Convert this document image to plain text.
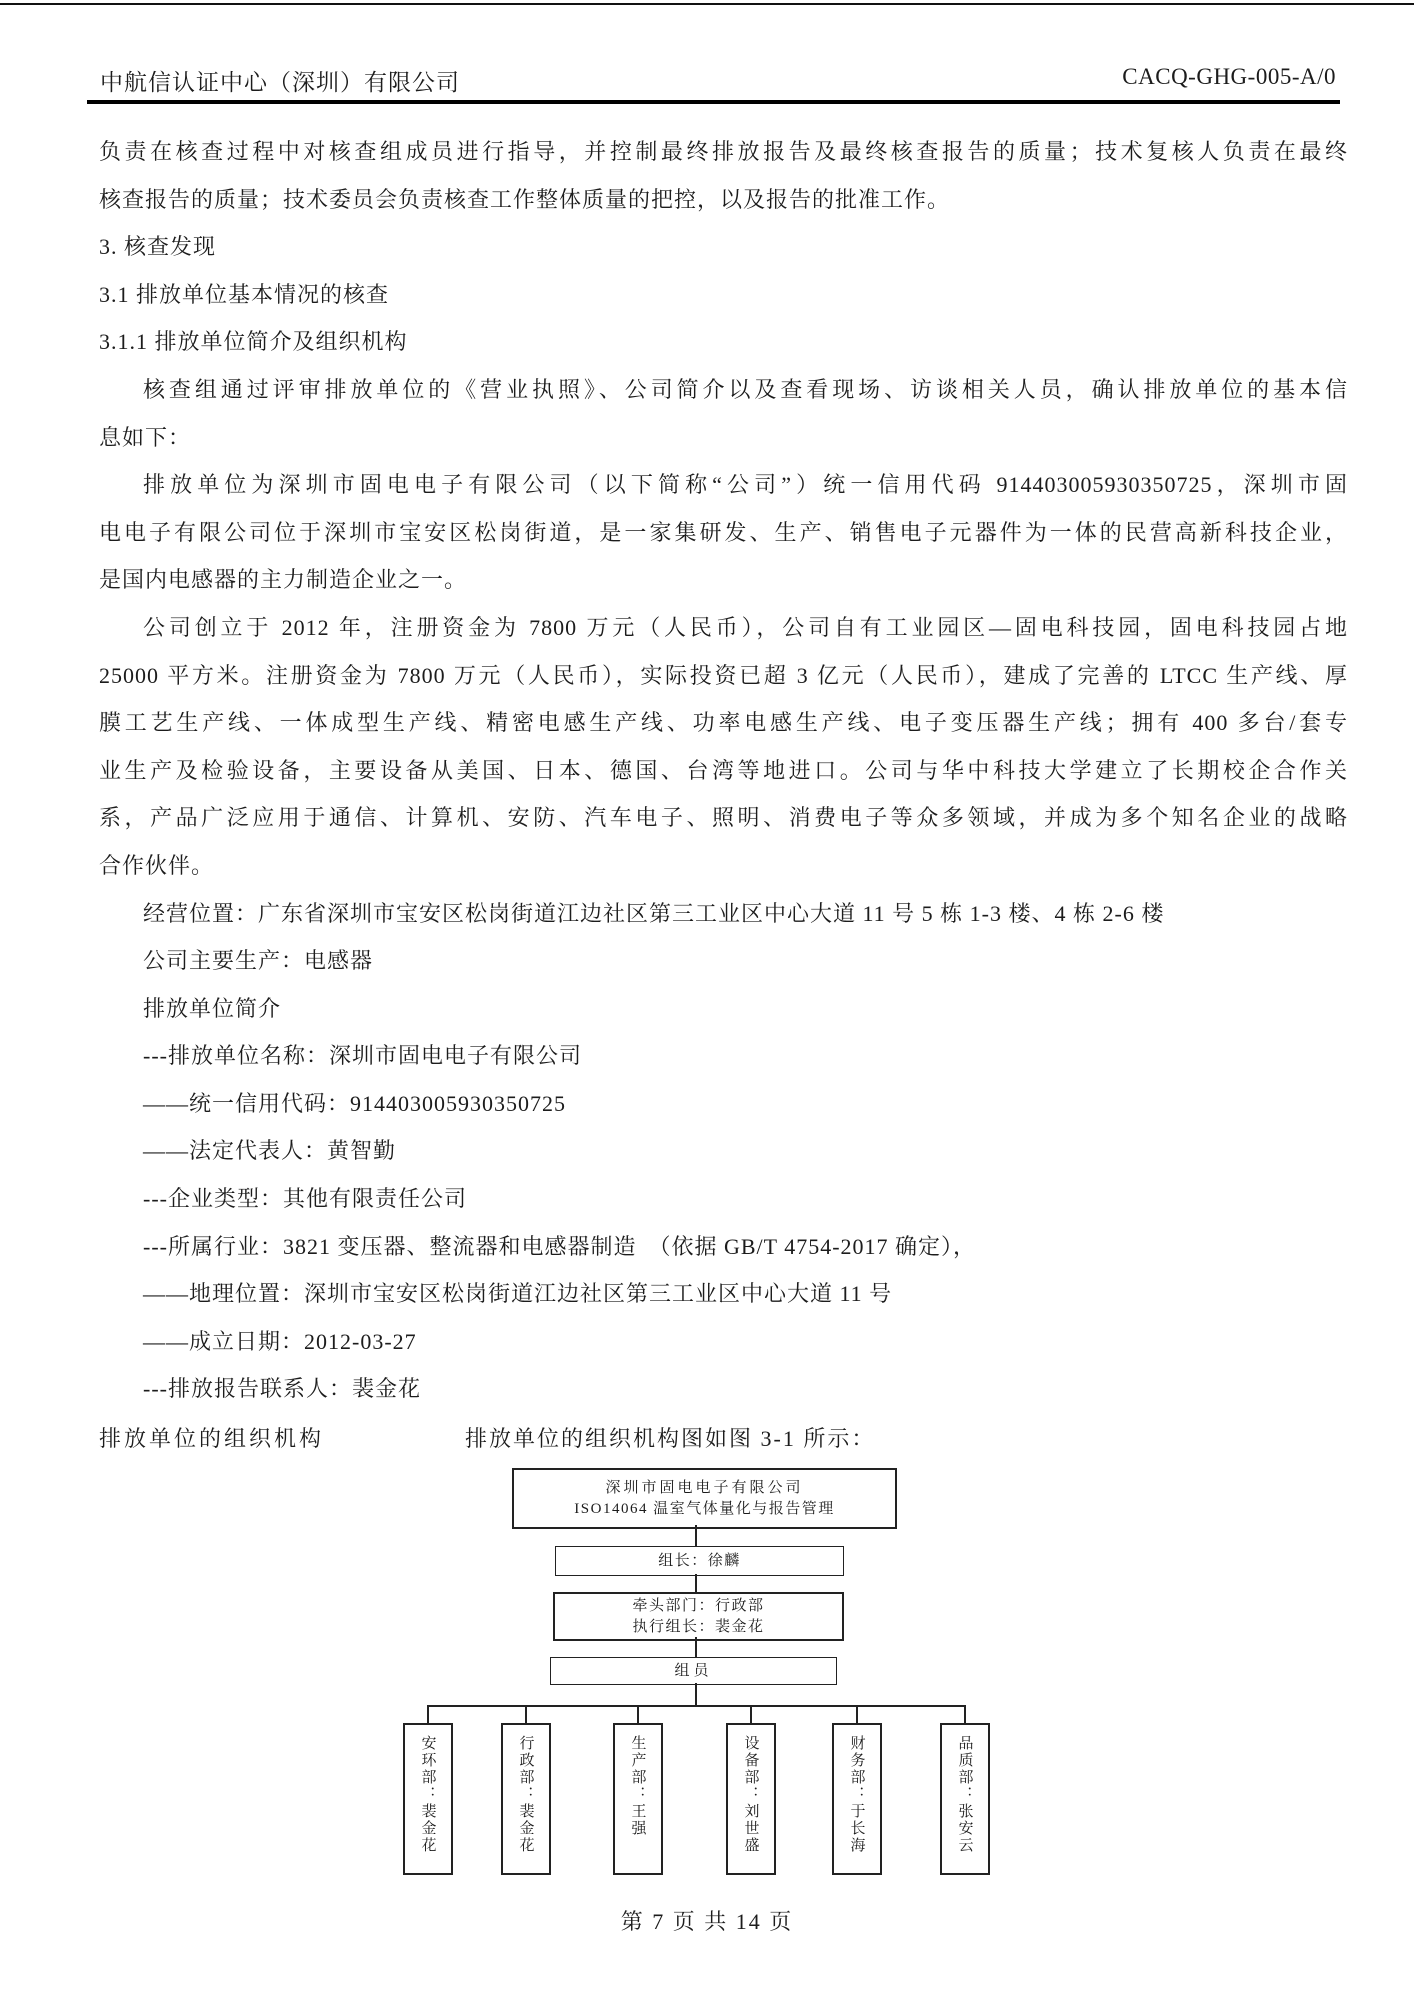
中航信认证中心（深圳）有限公司	CACQ-GHG-005-A/0
负责在核查过程中对核查组成员进行指导，并控制最终排放报告及最终核查报告的质量；技术复核人负责在最终
核查报告的质量；技术委员会负责核查工作整体质量的把控，以及报告的批准工作。
3. 核查发现
3.1 排放单位基本情况的核查
3.1.1 排放单位简介及组织机构
核查组通过评审排放单位的《营业执照》、公司简介以及查看现场、访谈相关人员，确认排放单位的基本信
息如下：
排放单位为深圳市固电电子有限公司（以下简称“公司”）统一信用代码 914403005930350725，深圳市固
电电子有限公司位于深圳市宝安区松岗街道，是一家集研发、生产、销售电子元器件为一体的民营高新科技企业，
是国内电感器的主力制造企业之一。
公司创立于 2012 年，注册资金为 7800 万元（人民币），公司自有工业园区—固电科技园，固电科技园占地
25000 平方米。注册资金为 7800 万元（人民币），实际投资已超 3 亿元（人民币），建成了完善的 LTCC 生产线、厚
膜工艺生产线、一体成型生产线、精密电感生产线、功率电感生产线、电子变压器生产线；拥有 400 多台/套专
业生产及检验设备，主要设备从美国、日本、德国、台湾等地进口。公司与华中科技大学建立了长期校企合作关
系，产品广泛应用于通信、计算机、安防、汽车电子、照明、消费电子等众多领域，并成为多个知名企业的战略
合作伙伴。
经营位置：广东省深圳市宝安区松岗街道江边社区第三工业区中心大道 11 号 5 栋 1-3 楼、4 栋 2-6 楼
公司主要生产：电感器
排放单位简介
---排放单位名称：深圳市固电电子有限公司
——统一信用代码：914403005930350725
——法定代表人：黄智勤
---企业类型：其他有限责任公司
---所属行业：3821 变压器、整流器和电感器制造　（依据 GB/T 4754-2017 确定），
——地理位置：深圳市宝安区松岗街道江边社区第三工业区中心大道 11 号
——成立日期：2012-03-27
---排放报告联系人：裴金花
排放单位的组织机构	排放单位的组织机构图如图 3-1 所示：
深圳市固电电子有限公司
ISO14064 温室气体量化与报告管理
组长：徐麟
牵头部门：行政部
执行组长：裴金花
组员
安环部：裴金花	行政部：裴金花	生产部：王强	设备部：刘世盛	财务部：于长海	品质部：张安云
第 7 页 共 14 页
